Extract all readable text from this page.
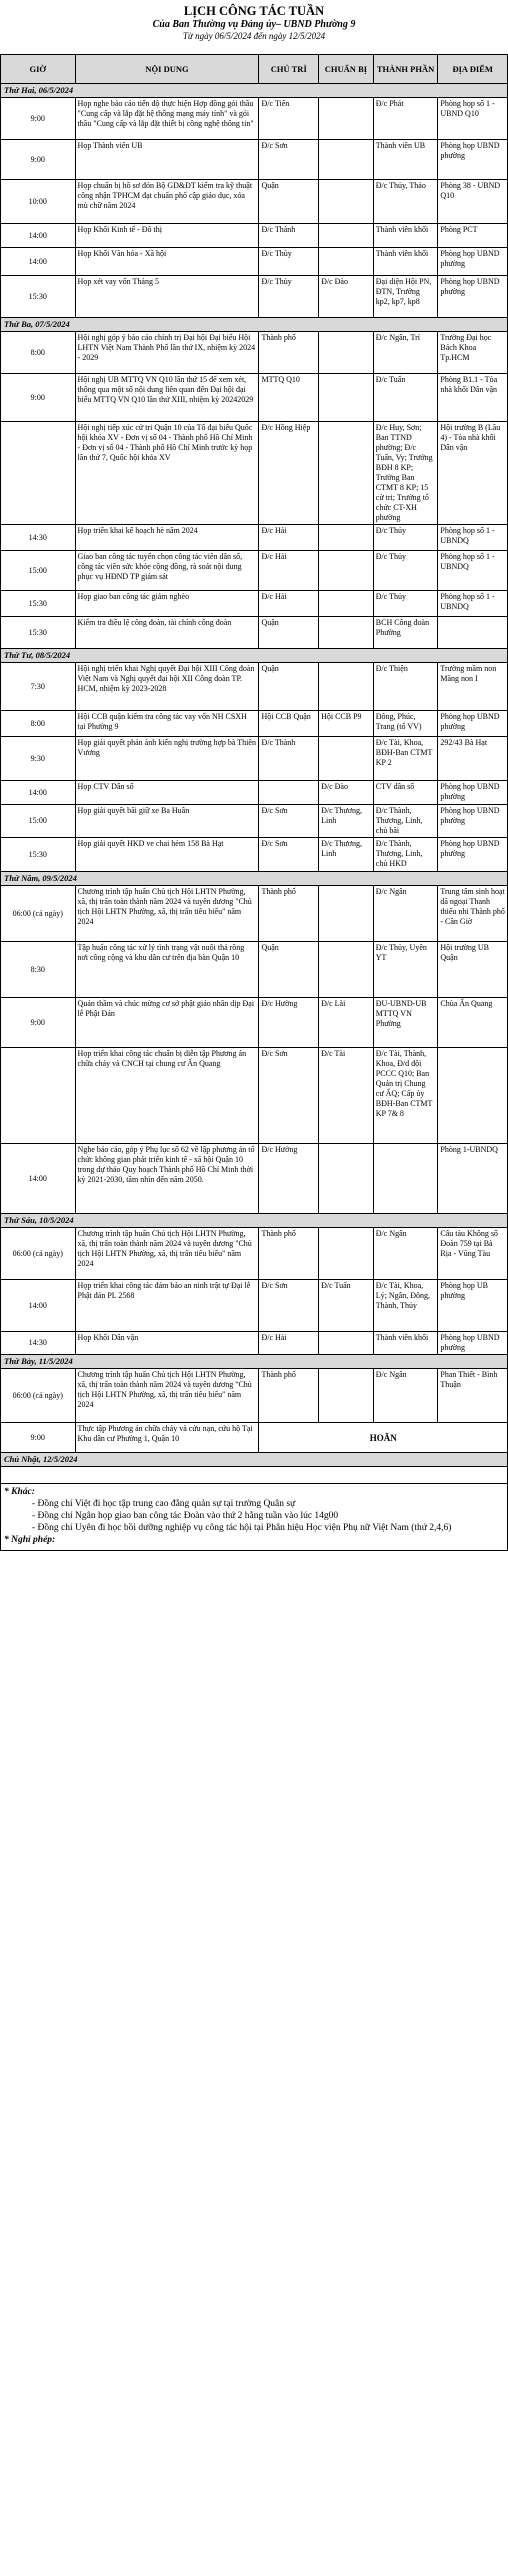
LỊCH CÔNG TÁC TUẦN
Của Ban Thường vụ Đảng ủy– UBND Phường 9
Từ ngày 06/5/2024 đến ngày 12/5/2024
GIỜ	NỘI DUNG	CHỦ TRÌ	CHUẨN BỊ	THÀNH PHẦN	ĐỊA ĐIỂM
Thứ Hai, 06/5/2024					
9:00	Họp nghe báo cáo tiến độ thực hiện Hợp đồng gói thầu "Cung cấp và lắp đặt hệ thống mạng máy tính" và gói thầu "Cung cấp và lắp đặt thiết bị công nghệ thông tin"	Đ/c Tiến		Đ/c Phát	Phòng họp số 1 - UBND Q10
9:00	Họp Thành viên UB	Đ/c Sơn		Thành viên UB	Phòng họp UBND phường
10:00	Họp chuẩn bị hồ sơ đón Bộ GD&ĐT kiểm tra kỹ thuật công nhận TPHCM đạt chuẩn phổ cập giáo dục, xóa mù chữ năm 2024	Quận		Đ/c Thủy, Thảo	Phòng 38 - UBND Q10
14:00	Họp Khối Kinh tế - Đô thị	Đ/c Thành		Thành viên khối	Phòng PCT
14:00	Họp Khối Văn hóa - Xã hội	Đ/c Thủy		Thành viên khối	Phòng họp UBND phường
15:30	Họp xét vay vốn Tháng 5	Đ/c Thủy	Đ/c Đào	Đại diện Hội PN, ĐTN, Trưởng kp2, kp7, kp8	Phòng họp UBND phường
Thứ Ba, 07/5/2024					
8:00	Hội nghị góp ý báo cáo chính trị Đại hội Đại biểu Hội LHTN Việt Nam Thành Phố lần thứ IX, nhiệm kỳ 2024 - 2029	Thành phố		Đ/c Ngân, Trí	Trường Đại học Bách Khoa Tp.HCM
9:00	Hội nghị UB MTTQ VN Q10 lần thứ 15 để xem xét, thông qua một số nội dung liên quan đến Đại hội đại biểu MTTQ VN Q10 lần thứ XIII, nhiệm kỳ 20242029	MTTQ Q10		Đ/c Tuấn	Phòng B1.1 - Tòa nhà khối Dân vận
	Hội nghị tiếp xúc cử tri Quận 10 của Tổ đại biểu Quốc hội khóa XV - Đơn vị số 04 - Thành phố Hồ Chí Minh - Đơn vị số 04 - Thành phố Hồ Chí Minh trước kỳ họp lần thứ 7, Quốc hội khóa XV	Đ/c Hồng Hiệp		Đ/c Huy, Sơn; Ban TTND phường; Đ/c Tuấn, Vy; Trưởng BĐH 8 KP; Trưởng Ban CTMT 8 KP; 15 cử tri; Trưởng tổ chức CT-XH phường	Hội trường B (Lầu 4) - Tòa nhà khối Dân vận
14:30	Họp triển khai kế hoạch hè năm 2024	Đ/c Hải		Đ/c Thủy	Phòng họp số 1 - UBNDQ
15:00	Giao ban công tác tuyển chọn công tác viên dân số, công tác viên sức khỏe cộng đồng, rà soát nội dung phục vụ HĐND TP giám sát	Đ/c Hải		Đ/c Thủy	Phòng họp số 1 - UBNDQ
15:30	Họp giao ban công tác giảm nghèo	Đ/c Hải		Đ/c Thủy	Phòng họp số 1 - UBNDQ
15:30	Kiểm tra điều lệ công đoàn, tài chính công đoàn	Quận		BCH Công đoàn Phường	
Thứ Tư, 08/5/2024					
7:30	Hội nghị triển khai Nghị quyết Đại hội XIII Công đoàn Việt Nam và Nghị quyết đại hội XII Công đoàn TP. HCM, nhiệm kỳ 2023-2028	Quận		Đ/c Thiện	Trường mầm non Măng non I
8:00	Hội CCB quận kiểm tra công tác vay vốn NH CSXH tại Phường 9	Hội CCB Quận	Hội CCB P9	Đông, Phúc, Trang (tổ VV)	Phòng họp UBND phường
9:30	Họp giải quyết phản ánh kiến nghị trường hợp bà Thiên Vương	Đ/c Thành		Đ/c Tài, Khoa, BĐH-Ban CTMT KP 2	292/43 Bà Hạt
14:00	Họp CTV Dân số		Đ/c Đào	CTV dân số	Phòng họp UBND phường
15:00	Họp giải quyết bãi giữ xe Ba Huân	Đ/c Sơn	Đ/c Thương, Linh	Đ/c Thành, Thương, Linh, chủ bãi	Phòng họp UBND phường
15:30	Họp giải quyết HKD ve chai hẻm 158 Bà Hạt	Đ/c Sơn	Đ/c Thương, Linh	Đ/c Thành, Thương, Linh, chủ HKD	Phòng họp UBND phường
Thứ Năm, 09/5/2024					
06:00 (cả ngày)	Chương trình tập huấn Chủ tịch Hội LHTN Phường, xã, thị trấn toàn thành năm 2024 và tuyên dương "Chủ tịch Hội LHTN Phường, xã, thị trấn tiêu biểu" năm 2024	Thành phố		Đ/c Ngân	Trung tâm sinh hoạt dã ngoại Thanh thiếu nhi Thành phố - Cần Giờ
8:30	Tập huấn công tác xử lý tình trạng vật nuôi thả rông nơi công cộng và khu dân cư trên địa bàn Quận 10	Quận		Đ/c Thủy, Uyên YT	Hội trường UB Quận
9:00	Quản thầm và chúc mừng cơ sở phật giáo nhân dịp Đại lễ Phật Đản	Đ/c Hường	Đ/c Lài	ĐU-UBND-UB MTTQ VN Phường	Chùa Ấn Quang
	Họp triển khai công tác chuẩn bị diễn tập Phương án chữa cháy và CNCH tại chung cư Ấn Quang	Đ/c Sơn	Đ/c Tài	Đ/c Tài, Thành, Khoa, Đ/d đội PCCC Q10; Ban Quản trị Chung cư ẤQ; Cấp ủy BĐH-Ban CTMT KP 7& 8	
14:00	Nghe báo cáo, góp ý Phụ lục số 62 về lập phương án tổ chức không gian phát triển kinh tế - xã hội Quận 10 trong dự thảo Quy hoạch Thành phố Hồ Chí Minh thời kỳ 2021-2030, tầm nhìn đến năm 2050.	Đ/c Hường			Phòng 1-UBNDQ
Thứ Sáu, 10/5/2024					
06:00 (cả ngày)	Chương trình tập huấn Chủ tịch Hội LHTN Phường, xã, thị trấn toàn thành năm 2024 và tuyên dương "Chủ tịch Hội LHTN Phường, xã, thị trấn tiêu biểu" năm 2024	Thành phố		Đ/c Ngân	Câu tàu Không số Đoàn 759 tại Bà Rịa - Vũng Tàu
14:00	Họp triển khai công tác đảm bảo an ninh trật tự Đại lễ Phật đản PL 2568	Đ/c Sơn	Đ/c Tuấn	Đ/c Tài, Khoa, Lý; Ngân, Đông, Thành, Thủy	Phòng họp UB phường
14:30	Họp Khối Dân vận	Đ/c Hải		Thành viên khối	Phòng họp UBND phường
Thứ Bảy, 11/5/2024					
06:00 (cả ngày)	Chương trình tập huấn Chủ tịch Hội LHTN Phường, xã, thị trấn toàn thành năm 2024 và tuyên dương "Chủ tịch Hội LHTN Phường, xã, thị trấn tiêu biểu" năm 2024	Thành phố		Đ/c Ngân	Phan Thiết - Bình Thuận
9:00	Thực tập Phương án chữa cháy và cứu nạn, cứu hộ Tại Khu dân cư Phường 1, Quận 10	HOÃN			
Chủ Nhật, 12/5/2024					

* Khác:
- Đồng chí Việt đi học tập trung cao đẳng quản sự tại trường Quân sự
- Đồng chí Ngân họp giao ban công tác Đoàn vào thứ 2 hằng tuần vào lúc 14g00
- Đồng chí Uyên đi học bồi dưỡng nghiệp vụ công tác hội tại Phân hiệu Học viện Phụ nữ Việt Nam (thứ 2,4,6)
* Nghỉ phép:
